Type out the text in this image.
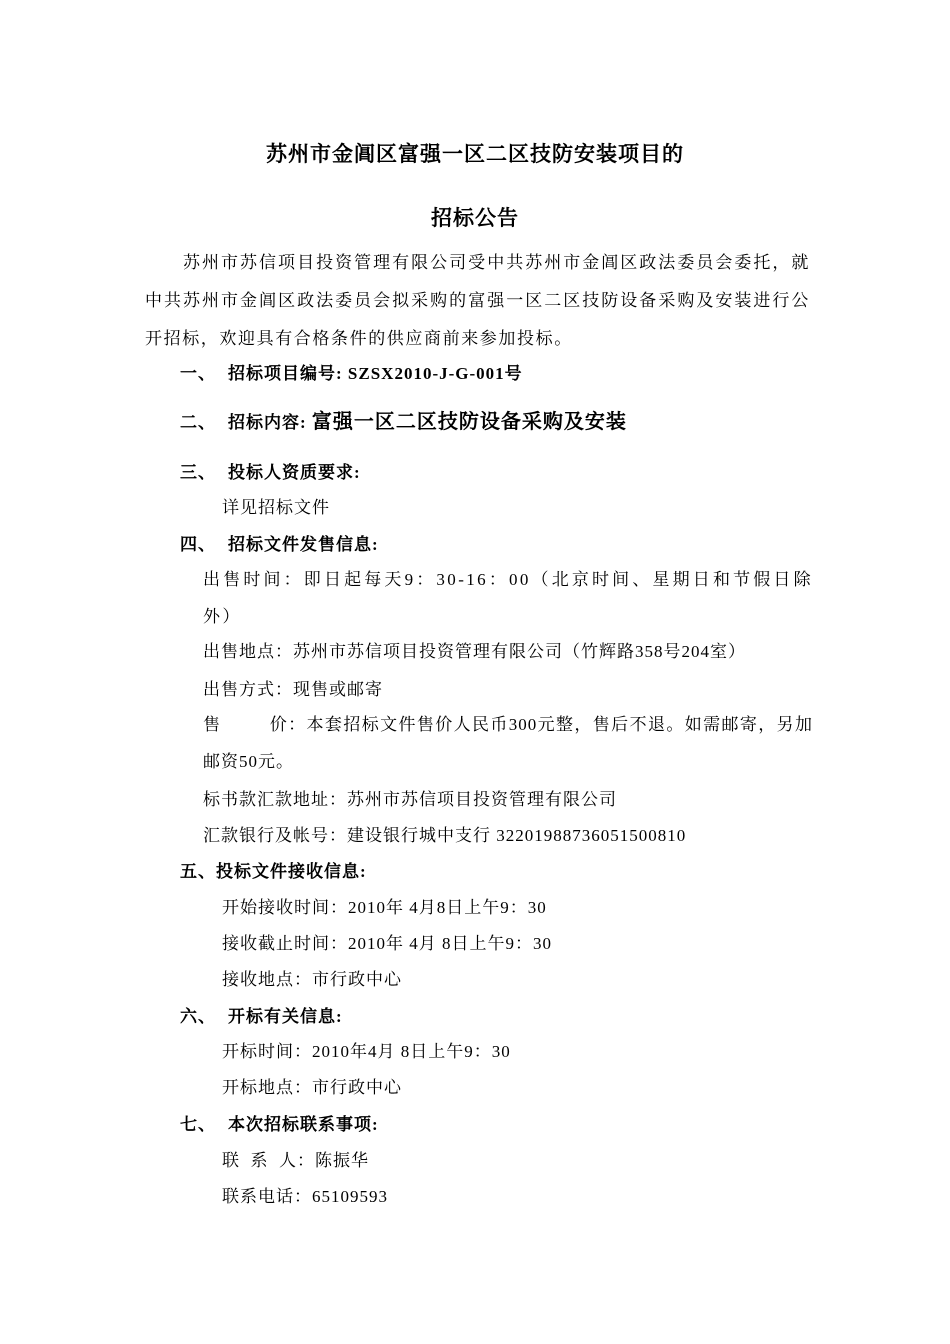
苏州市金阊区富强一区二区技防安装项目的
招标公告
苏州市苏信项目投资管理有限公司受中共苏州市金阊区政法委员会委托，就中共苏州市金阊区政法委员会拟采购的富强一区二区技防设备采购及安装进行公开招标，欢迎具有合格条件的供应商前来参加投标。
一、 招标项目编号: SZSX2010-J-G-001号
二、 招标内容: 富强一区二区技防设备采购及安装
三、 投标人资质要求:
详见招标文件
四、 招标文件发售信息:
出售时间：即日起每天9：30-16：00（北京时间、星期日和节假日除外）
出售地点：苏州市苏信项目投资管理有限公司（竹辉路358号204室）
出售方式：现售或邮寄
售	价：本套招标文件售价人民币300元整，售后不退。如需邮寄，另加邮资50元。
标书款汇款地址：苏州市苏信项目投资管理有限公司
汇款银行及帐号：建设银行城中支行 32201988736051500810
五、投标文件接收信息:
开始接收时间：2010年 4月8日上午9：30
接收截止时间：2010年 4月 8日上午9：30
接收地点：市行政中心
六、 开标有关信息:
开标时间：2010年4月 8日上午9：30
开标地点：市行政中心
七、 本次招标联系事项:
联  系  人：陈振华
联系电话：65109593
